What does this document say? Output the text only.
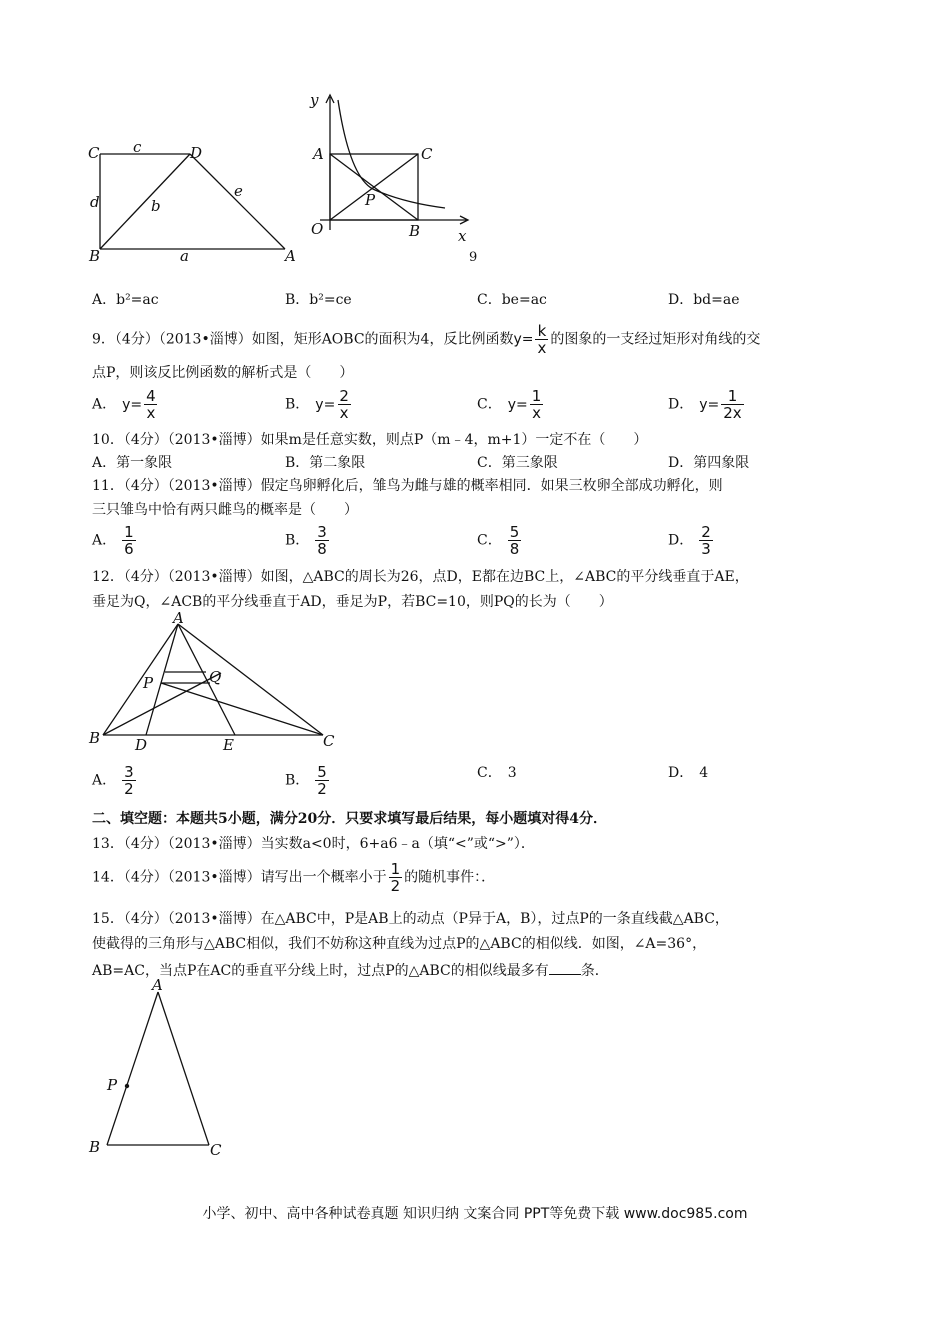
C c	D
d	b
e
B	a	A
y
A	C
P
O	B	x
9
A．b²=ac	B．b²=ce	C．be=ac	D．bd=ae
9．（4分）（2013•淄博）如图，矩形AOBC的面积为4，反比例函数$y= \frac{k}{x}$ 的图象的一支经过矩形对角线的交
点P，则该反比例函数的解析式是（　　）
A． $y= \frac{4}{x}$	B． $y= \frac{2}{x}$	C． $y= \frac{1}{x}$	D． $y= \frac{1}{2x}$
10．（4分）（2013•淄博）如果m是任意实数，则点P（m﹣4，m+1）一定不在（　　）
A．第一象限	B．第二象限	C．第三象限	D．第四象限
11．（4分）（2013•淄博）假定鸟卵孵化后，雏鸟为雌与雄的概率相同．如果三枚卵全部成功孵化，则
三只雏鸟中恰有两只雌鸟的概率是（　　）
A． $\frac{1}{6}$	B． $\frac{3}{8}$	C． $\frac{5}{8}$	D． $\frac{2}{3}$
12．（4分）（2013•淄博）如图，△ABC的周长为26，点D，E都在边BC上，∠ABC的平分线垂直于AE，
垂足为Q，∠ACB的平分线垂直于AD，垂足为P，若BC=10，则PQ的长为（　　）
A
P	Q
B D	E	C
A． $\frac{3}{2}$	B． $\frac{5}{2}$	C． 3	D． 4
二、填空题：本题共5小题，满分20分．只要求填写最后结果，每小题填对得4分．
13．（4分）（2013•淄博）当实数a<0时，6+a6﹣a（填“<”或“>”）．
14．（4分）（2013•淄博）请写出一个概率小于 $\frac{1}{2}$ 的随机事件：．
15．（4分）（2013•淄博）在△ABC中，P是AB上的动点（P异于A，B），过点P的一条直线截△ABC，
使截得的三角形与△ABC相似，我们不妨称这种直线为过点P的△ABC的相似线．如图，∠A=36°，
AB=AC，当点P在AC的垂直平分线上时，过点P的△ABC的相似线最多有 条．
A
P
B	C
小学、初中、高中各种试卷真题 知识归纳 文案合同 PPT等免费下载 www.doc985.com
